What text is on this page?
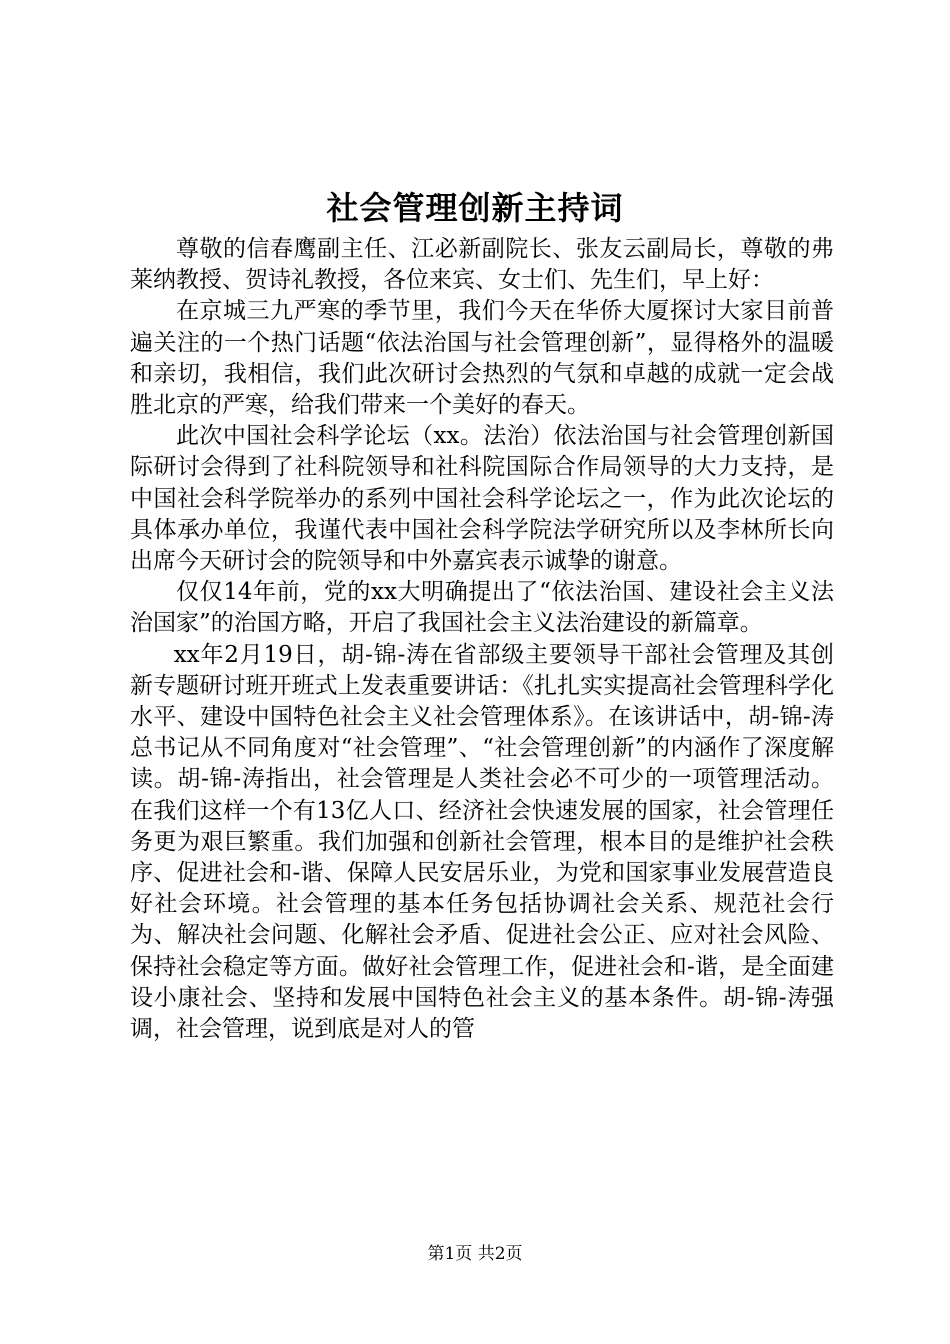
社会管理创新主持词

尊敬的信春鹰副主任、江必新副院长、张友云副局长，尊敬的弗莱纳教授、贺诗礼教授，各位来宾、女士们、先生们，早上好：

在京城三九严寒的季节里，我们今天在华侨大厦探讨大家目前普遍关注的一个热门话题“依法治国与社会管理创新”，显得格外的温暖和亲切，我相信，我们此次研讨会热烈的气氛和卓越的成就一定会战胜北京的严寒，给我们带来一个美好的春天。

此次中国社会科学论坛（xx。法治）依法治国与社会管理创新国际研讨会得到了社科院领导和社科院国际合作局领导的大力支持，是中国社会科学院举办的系列中国社会科学论坛之一，作为此次论坛的具体承办单位，我谨代表中国社会科学院法学研究所以及李林所长向出席今天研讨会的院领导和中外嘉宾表示诚挚的谢意。

仅仅14年前，党的xx大明确提出了“依法治国、建设社会主义法治国家”的治国方略，开启了我国社会主义法治建设的新篇章。

xx年2月19日，胡-锦-涛在省部级主要领导干部社会管理及其创新专题研讨班开班式上发表重要讲话：《扎扎实实提高社会管理科学化水平、建设中国特色社会主义社会管理体系》。在该讲话中，胡-锦-涛总书记从不同角度对“社会管理”、“社会管理创新”的内涵作了深度解读。胡-锦-涛指出，社会管理是人类社会必不可少的一项管理活动。在我们这样一个有13亿人口、经济社会快速发展的国家，社会管理任务更为艰巨繁重。我们加强和创新社会管理，根本目的是维护社会秩序、促进社会和-谐、保障人民安居乐业，为党和国家事业发展营造良好社会环境。社会管理的基本任务包括协调社会关系、规范社会行为、解决社会问题、化解社会矛盾、促进社会公正、应对社会风险、保持社会稳定等方面。做好社会管理工作，促进社会和-谐，是全面建设小康社会、坚持和发展中国特色社会主义的基本条件。胡-锦-涛强调，社会管理，说到底是对人的管

第1页 共2页
